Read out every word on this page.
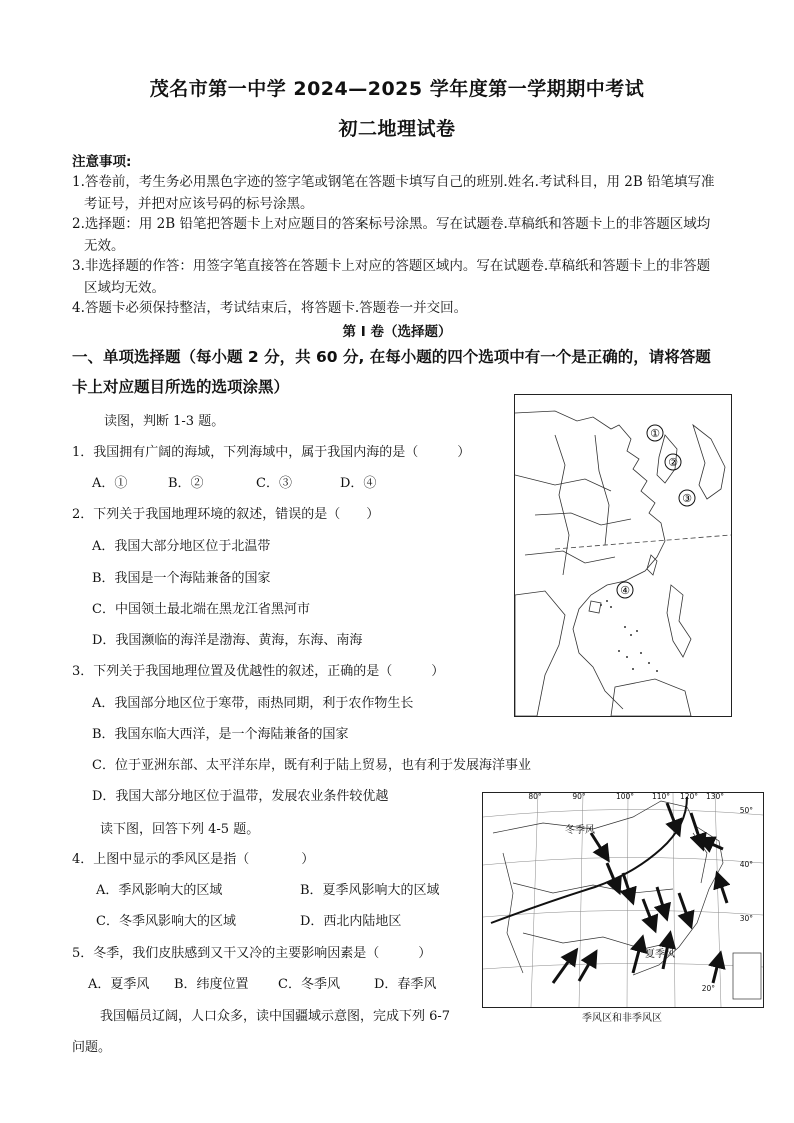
茂名市第一中学 2024—2025 学年度第一学期期中考试
初二地理试卷
注意事项:
1.答卷前，考生务必用黑色字迹的签字笔或钢笔在答题卡填写自己的班别.姓名.考试科目，用 2B 铅笔填写准
考证号，并把对应该号码的标号涂黑。
2.选择题：用 2B 铅笔把答题卡上对应题目的答案标号涂黑。写在试题卷.草稿纸和答题卡上的非答题区域均
无效。
3.非选择题的作答：用签字笔直接答在答题卡上对应的答题区域内。写在试题卷.草稿纸和答题卡上的非答题
区域均无效。
4.答题卡必须保持整洁，考试结束后，将答题卡.答题卷一并交回。
第 I 卷（选择题）
一、单项选择题（每小题 2 分，共 60 分, 在每小题的四个选项中有一个是正确的，请将答题
卡上对应题目所选的选项涂黑）
读图，判断 1-3 题。
1．我国拥有广阔的海域，下列海域中，属于我国内海的是（　　　）
A．①	B．②	C．③	D．④
2．下列关于我国地理环境的叙述，错误的是（　　）
A．我国大部分地区位于北温带
B．我国是一个海陆兼备的国家
C．中国领土最北端在黑龙江省黑河市
D．我国濒临的海洋是渤海、黄海，东海、南海
3．下列关于我国地理位置及优越性的叙述，正确的是（　　　）
A．我国部分地区位于寒带，雨热同期，利于农作物生长
B．我国东临大西洋，是一个海陆兼备的国家
C．位于亚洲东部、太平洋东岸，既有利于陆上贸易，也有利于发展海洋事业
D．我国大部分地区位于温带，发展农业条件较优越
读下图，回答下列 4-5 题。
4．上图中显示的季风区是指（　　　　）
A．季风影响大的区域	B．夏季风影响大的区域
C．冬季风影响大的区域	D．西北内陆地区
5．冬季，我们皮肤感到又干又冷的主要影响因素是（　　　）
A．夏季风 B．纬度位置 C．冬季风	D．春季风
我国幅员辽阔，人口众多，读中国疆域示意图，完成下列 6-7
问题。
①
②
③
④
80°	90°	100° 110° 120° 130°
50°
40°
30°
20°
冬季风
夏季风
季风区和非季风区
